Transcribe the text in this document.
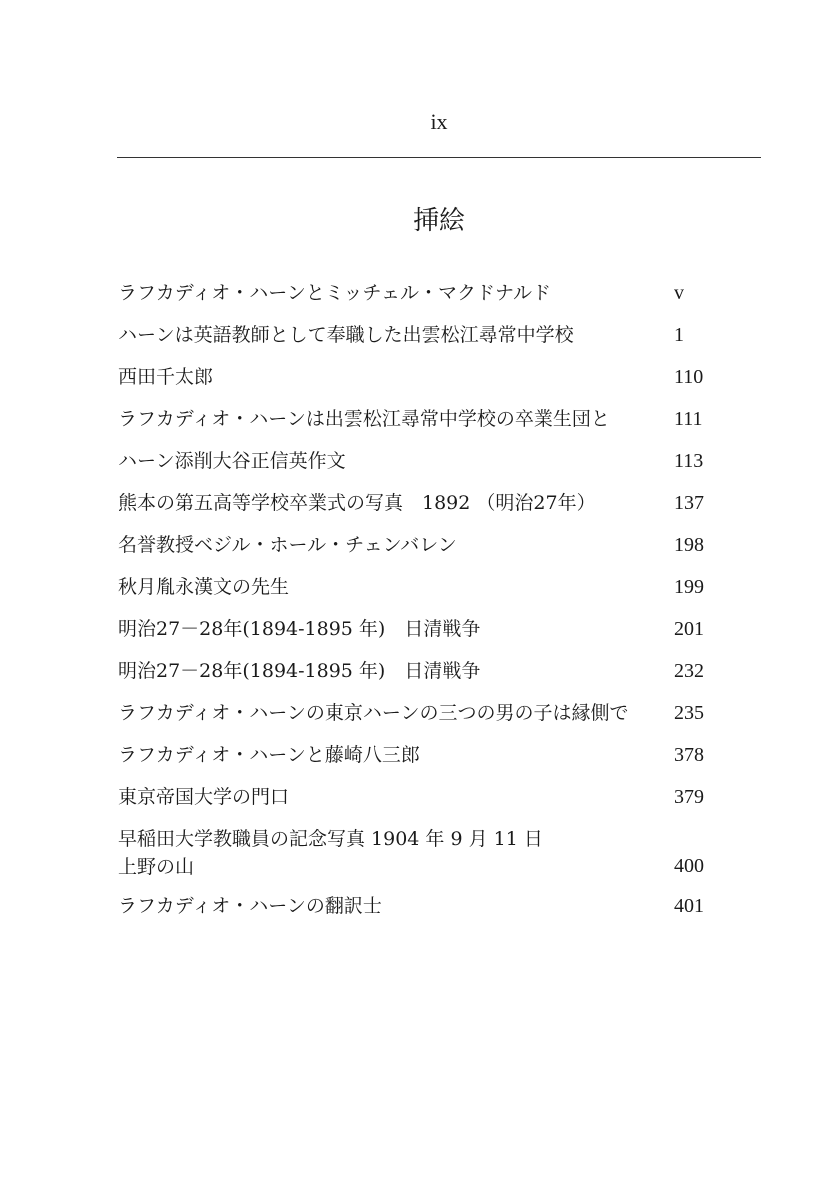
ix
挿絵
ラフカディオ・ハーンとミッチェル・マクドナルド	v
ハーンは英語教師として奉職した出雲松江尋常中学校	1
西田千太郎	110
ラフカディオ・ハーンは出雲松江尋常中学校の卒業生団と	111
ハーン添削大谷正信英作文	113
熊本の第五高等学校卒業式の写真　1892 （明治27年）	137
名誉教授ベジル・ホール・チェンバレン	198
秋月胤永漢文の先生	199
明治27－28年(1894-1895 年)　日清戦争	201
明治27－28年(1894-1895 年)　日清戦争	232
ラフカディオ・ハーンの東京ハーンの三つの男の子は縁側で	235
ラフカディオ・ハーンと藤崎八三郎	378
東京帝国大学の門口	379
早稲田大学教職員の記念写真 1904 年 9 月 11 日
上野の山	400
ラフカディオ・ハーンの翻訳士	401
